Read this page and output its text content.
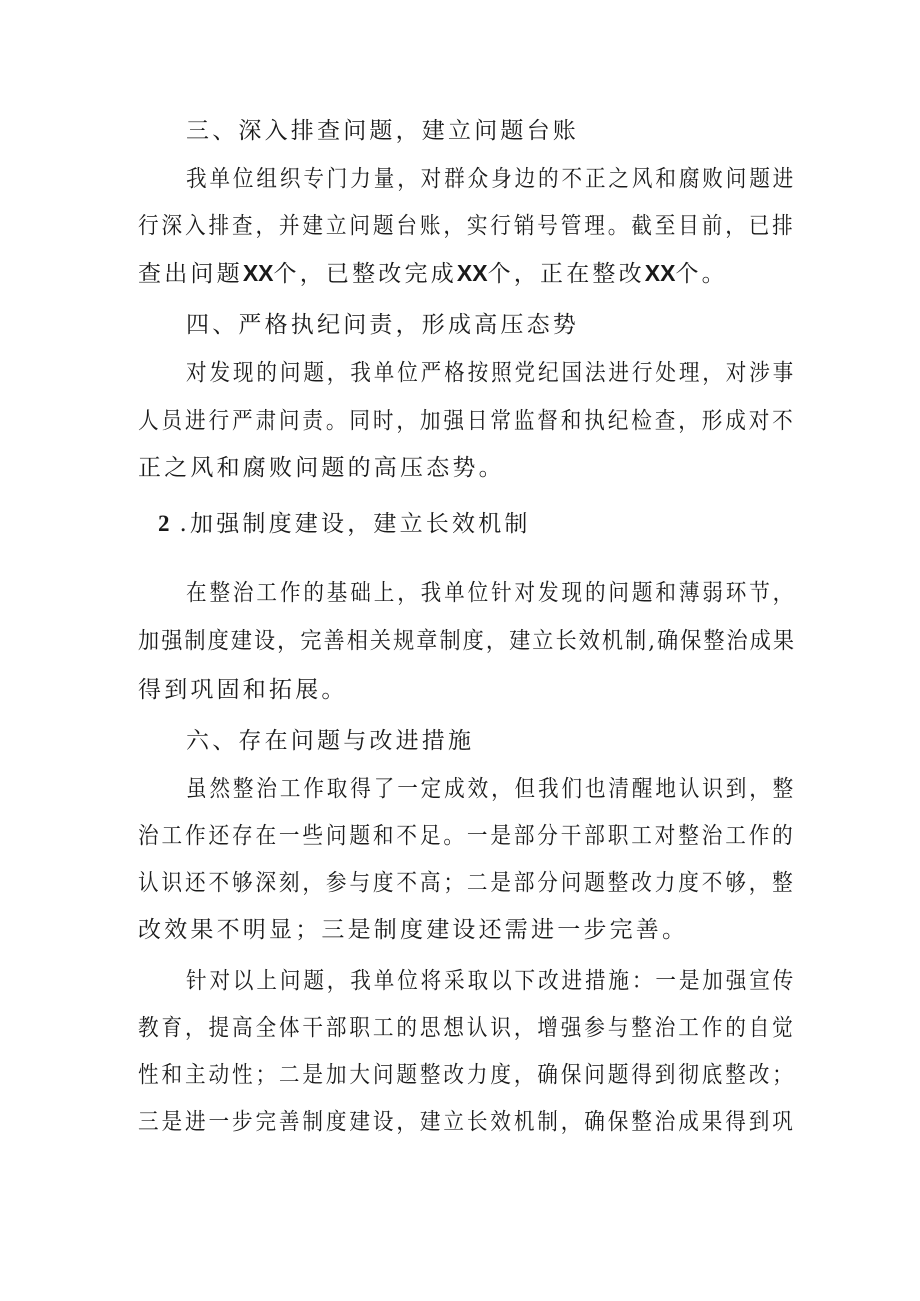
三、深入排查问题，建立问题台账
我单位组织专门力量，对群众身边的不正之风和腐败问题进
行深入排查，并建立问题台账，实行销号管理。截至目前，已排
查出问题XX个，已整改完成XX个，正在整改XX个。
四、严格执纪问责，形成高压态势
对发现的问题，我单位严格按照党纪国法进行处理，对涉事
人员进行严肃问责。同时，加强日常监督和执纪检查，形成对不
正之风和腐败问题的高压态势。
2 .加强制度建设，建立长效机制
在整治工作的基础上，我单位针对发现的问题和薄弱环节，
加强制度建设，完善相关规章制度，建立长效机制,确保整治成果
得到巩固和拓展。
六、存在问题与改进措施
虽然整治工作取得了一定成效，但我们也清醒地认识到，整
治工作还存在一些问题和不足。一是部分干部职工对整治工作的
认识还不够深刻，参与度不高；二是部分问题整改力度不够，整
改效果不明显；三是制度建设还需进一步完善。
针对以上问题，我单位将采取以下改进措施：一是加强宣传
教育，提高全体干部职工的思想认识，增强参与整治工作的自觉
性和主动性；二是加大问题整改力度，确保问题得到彻底整改；
三是进一步完善制度建设，建立长效机制，确保整治成果得到巩
